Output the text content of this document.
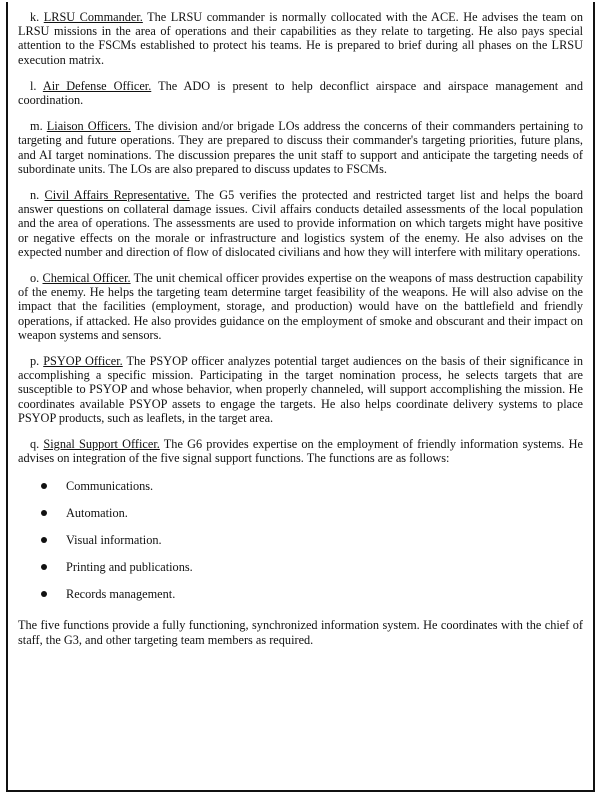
k. LRSU Commander. The LRSU commander is normally collocated with the ACE. He advises the team on LRSU missions in the area of operations and their capabilities as they relate to targeting. He also pays special attention to the FSCMs established to protect his teams. He is prepared to brief during all phases on the LRSU execution matrix.

l. Air Defense Officer. The ADO is present to help deconflict airspace and airspace management and coordination.

m. Liaison Officers. The division and/or brigade LOs address the concerns of their commanders pertaining to targeting and future operations. They are prepared to discuss their commander's targeting priorities, future plans, and AI target nominations. The discussion prepares the unit staff to support and anticipate the targeting needs of subordinate units. The LOs are also prepared to discuss updates to FSCMs.

n. Civil Affairs Representative. The G5 verifies the protected and restricted target list and helps the board answer questions on collateral damage issues. Civil affairs conducts detailed assessments of the local population and the area of operations. The assessments are used to provide information on which targets might have positive or negative effects on the morale or infrastructure and logistics system of the enemy. He also advises on the expected number and direction of flow of dislocated civilians and how they will interfere with military operations.

o. Chemical Officer. The unit chemical officer provides expertise on the weapons of mass destruction capability of the enemy. He helps the targeting team determine target feasibility of the weapons. He will also advise on the impact that the facilities (employment, storage, and production) would have on the battlefield and friendly operations, if attacked. He also provides guidance on the employment of smoke and obscurant and their impact on weapon systems and sensors.

p. PSYOP Officer. The PSYOP officer analyzes potential target audiences on the basis of their significance in accomplishing a specific mission. Participating in the target nomination process, he selects targets that are susceptible to PSYOP and whose behavior, when properly channeled, will support accomplishing the mission. He coordinates available PSYOP assets to engage the targets. He also helps coordinate delivery systems to place PSYOP products, such as leaflets, in the target area.

q. Signal Support Officer. The G6 provides expertise on the employment of friendly information systems. He advises on integration of the five signal support functions. The functions are as follows:

Communications.
Automation.
Visual information.
Printing and publications.
Records management.

The five functions provide a fully functioning, synchronized information system. He coordinates with the chief of staff, the G3, and other targeting team members as required.
